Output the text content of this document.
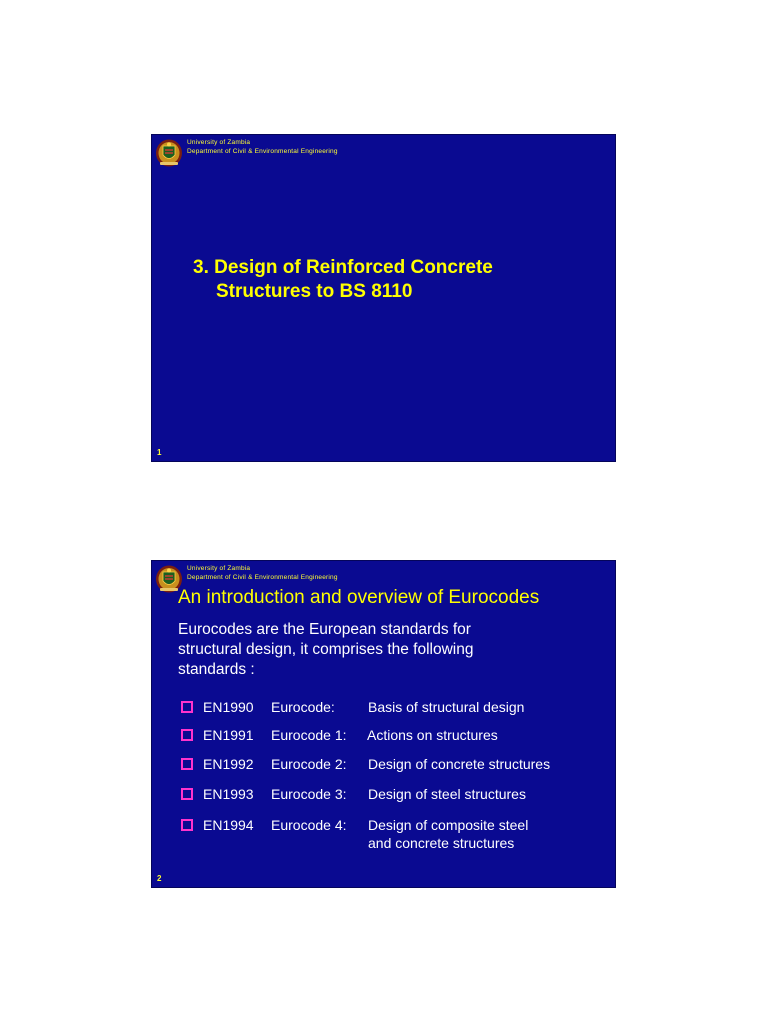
University of Zambia
Department of Civil & Environmental Engineering
3. Design of Reinforced Concrete
Structures to BS 8110
1
University of Zambia
Department of Civil & Environmental Engineering
An introduction and overview of Eurocodes
Eurocodes are the European standards for
structural design, it comprises the following
standards :
EN1990 Eurocode: Basis of structural design
EN1991 Eurocode 1: Actions on structures
EN1992 Eurocode 2: Design of concrete structures
EN1993 Eurocode 3: Design of steel structures
EN1994 Eurocode 4: Design of composite steel
and concrete structures
2
